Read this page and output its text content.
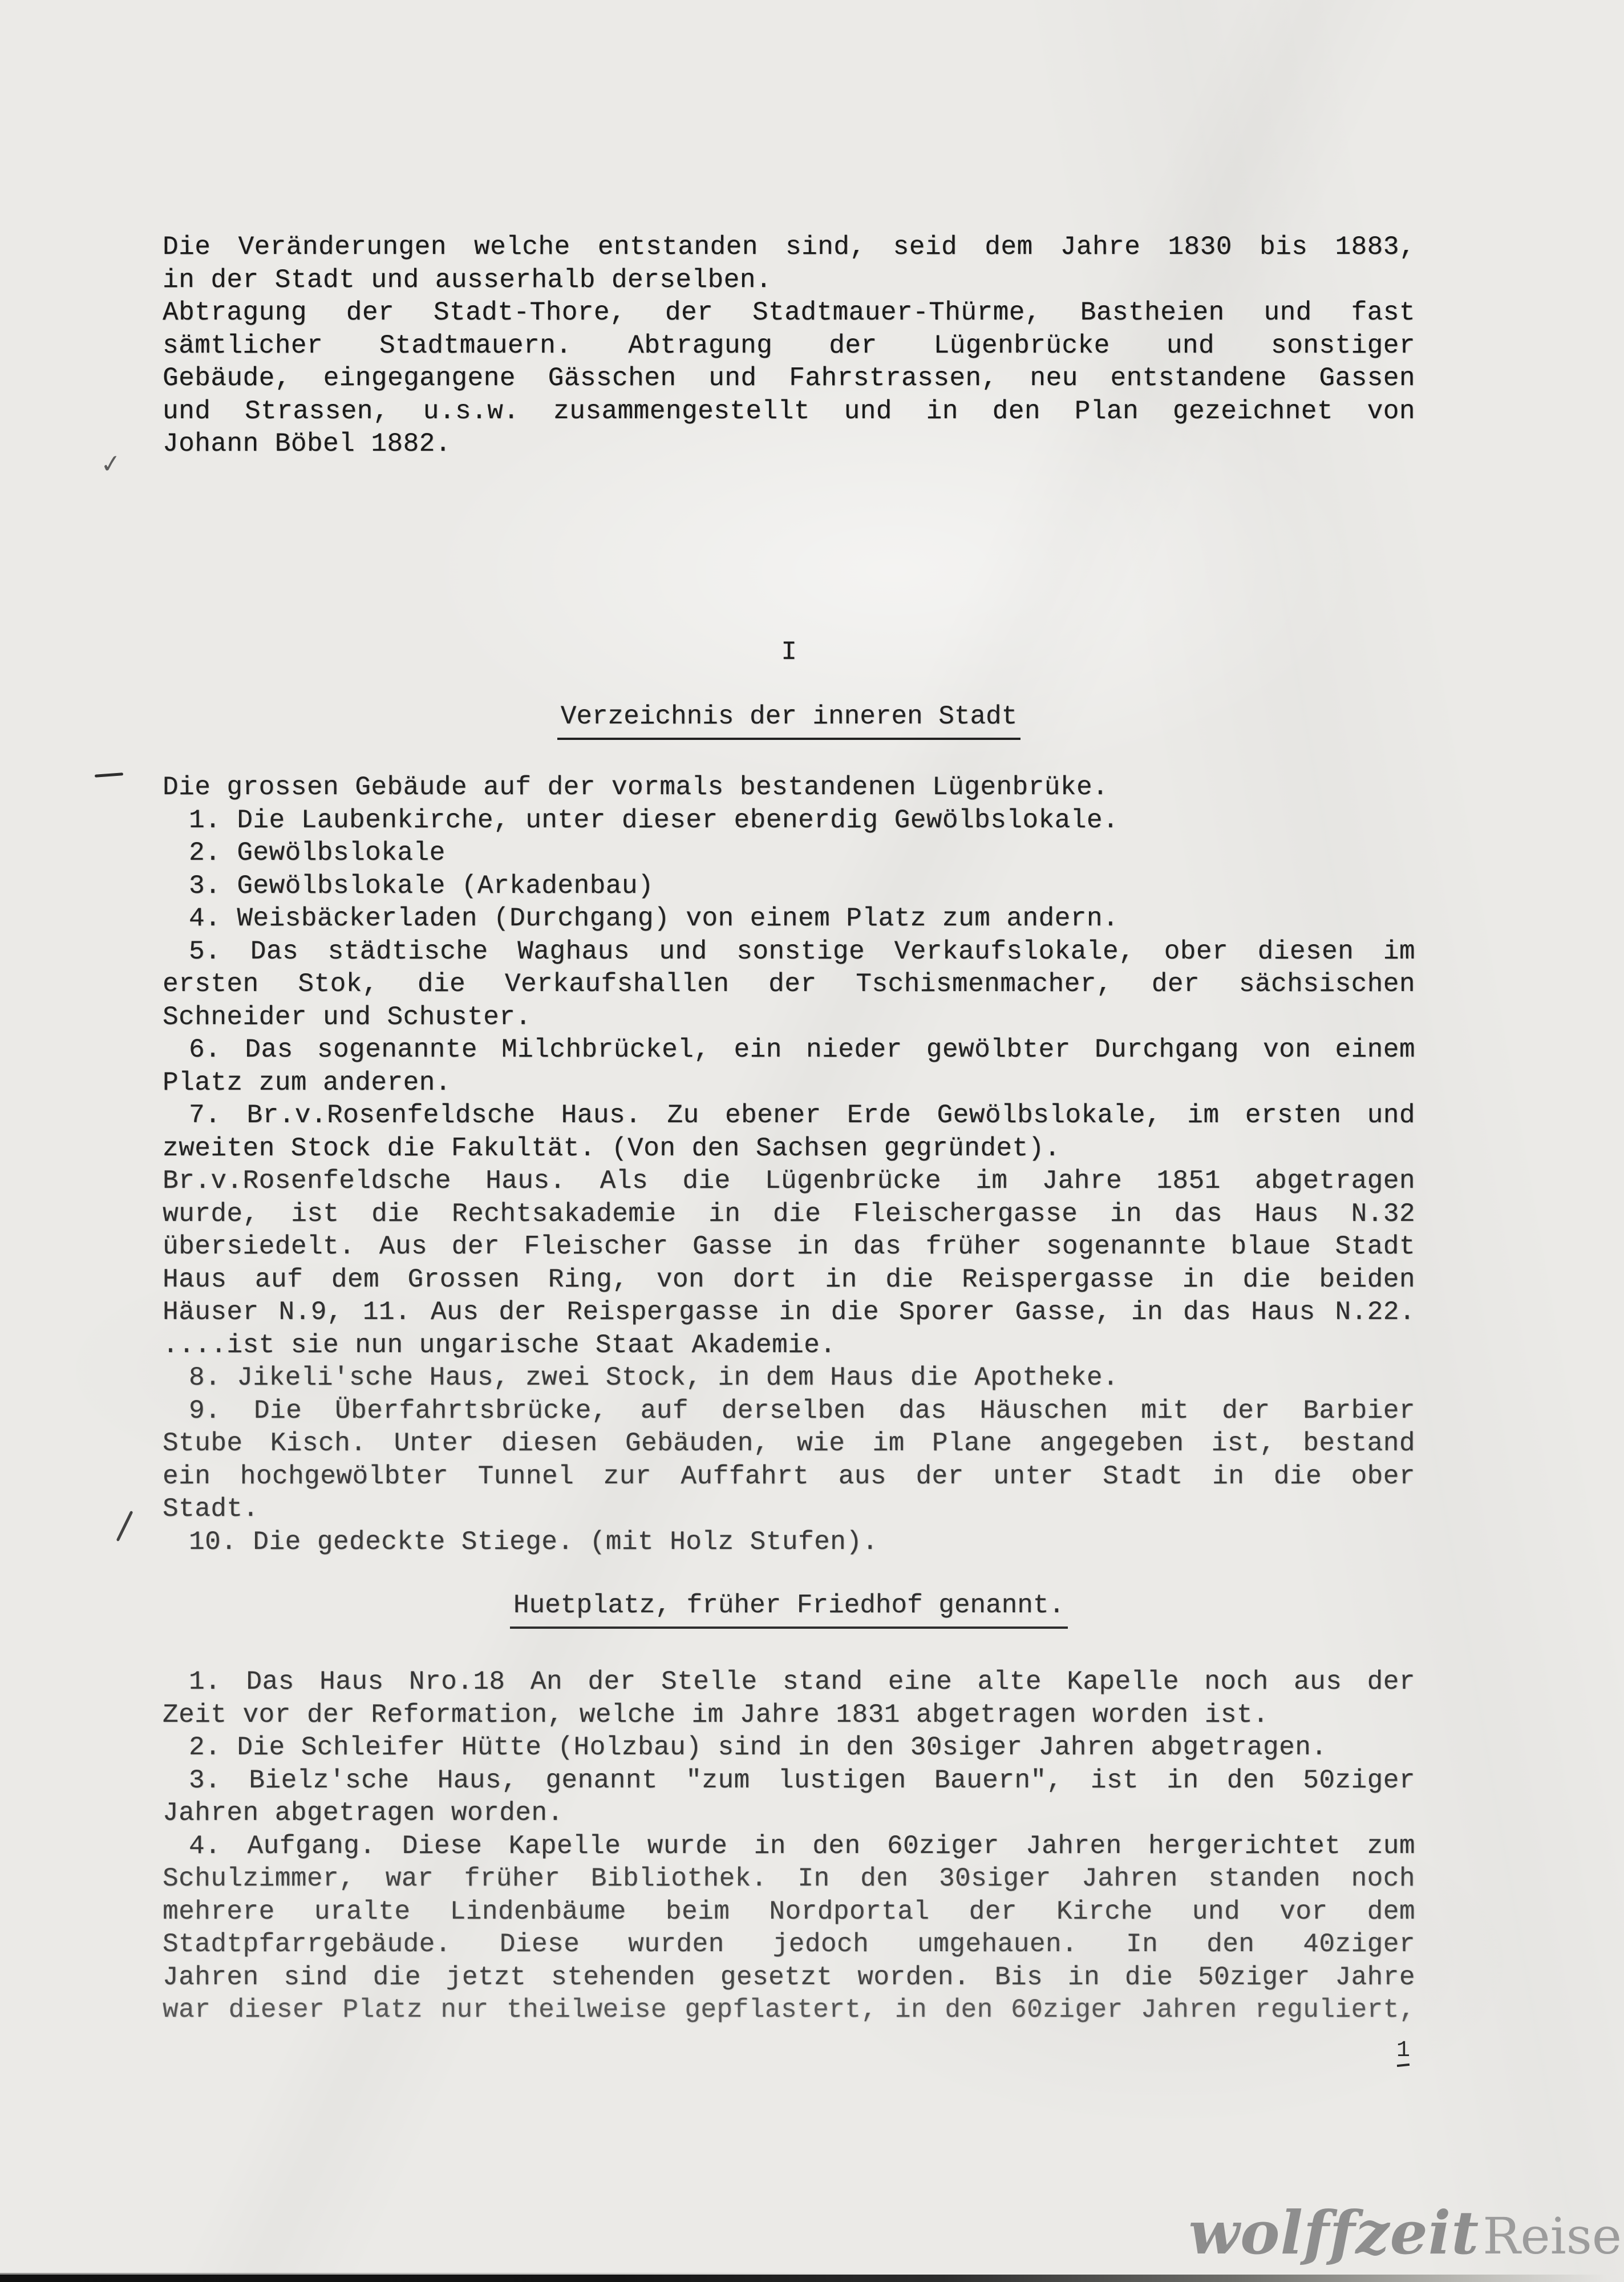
Die Veränderungen welche entstanden sind, seid dem Jahre 1830 bis 1883,
in der Stadt und ausserhalb derselben.
Abtragung der Stadt-Thore, der Stadtmauer-Thürme, Bastheien und fast
sämtlicher Stadtmauern. Abtragung der Lügenbrücke und sonstiger
Gebäude, eingegangene Gässchen und Fahrstrassen, neu entstandene Gassen
und Strassen, u.s.w. zusammengestellt und in den Plan gezeichnet von
Johann Böbel 1882.
✓
I
Verzeichnis der inneren Stadt
Die grossen Gebäude auf der vormals bestandenen Lügenbrüke.
1. Die Laubenkirche, unter dieser ebenerdig Gewölbslokale.
2. Gewölbslokale
3. Gewölbslokale (Arkadenbau)
4. Weisbäckerladen (Durchgang) von einem Platz zum andern.
5. Das städtische Waghaus und sonstige Verkaufslokale, ober diesen im
ersten Stok, die Verkaufshallen der Tschismenmacher, der sächsischen
Schneider und Schuster.
6. Das sogenannte Milchbrückel, ein nieder gewölbter Durchgang von einem
Platz zum anderen.
7. Br.v.Rosenfeldsche Haus. Zu ebener Erde Gewölbslokale, im ersten und
zweiten Stock die Fakultät. (Von den Sachsen gegründet).
Br.v.Rosenfeldsche Haus. Als die Lügenbrücke im Jahre 1851 abgetragen
wurde, ist die Rechtsakademie in die Fleischergasse in das Haus N.32
übersiedelt. Aus der Fleischer Gasse in das früher sogenannte blaue Stadt
Haus auf dem Grossen Ring, von dort in die Reispergasse in die beiden
Häuser N.9, 11. Aus der Reispergasse in die Sporer Gasse, in das Haus N.22.
....ist sie nun ungarische Staat Akademie.
8. Jikeli'sche Haus, zwei Stock, in dem Haus die Apotheke.
9. Die Überfahrtsbrücke, auf derselben das Häuschen mit der Barbier
Stube Kisch. Unter diesen Gebäuden, wie im Plane angegeben ist, bestand
ein hochgewölbter Tunnel zur Auffahrt aus der unter Stadt in die ober
Stadt.
10. Die gedeckte Stiege. (mit Holz Stufen).
Huetplatz, früher Friedhof genannt.
1. Das Haus Nro.18 An der Stelle stand eine alte Kapelle noch aus der
Zeit vor der Reformation, welche im Jahre 1831 abgetragen worden ist.
2. Die Schleifer Hütte (Holzbau) sind in den 30siger Jahren abgetragen.
3. Bielz'sche Haus, genannt "zum lustigen Bauern", ist in den 50ziger
Jahren abgetragen worden.
4. Aufgang. Diese Kapelle wurde in den 60ziger Jahren hergerichtet zum
Schulzimmer, war früher Bibliothek. In den 30siger Jahren standen noch
mehrere uralte Lindenbäume beim Nordportal der Kirche und vor dem
Stadtpfarrgebäude. Diese wurden jedoch umgehauen. In den 40ziger
Jahren sind die jetzt stehenden gesetzt worden. Bis in die 50ziger Jahre
war dieser Platz nur theilweise gepflastert, in den 60ziger Jahren reguliert,
1
wolffzeit Reise
